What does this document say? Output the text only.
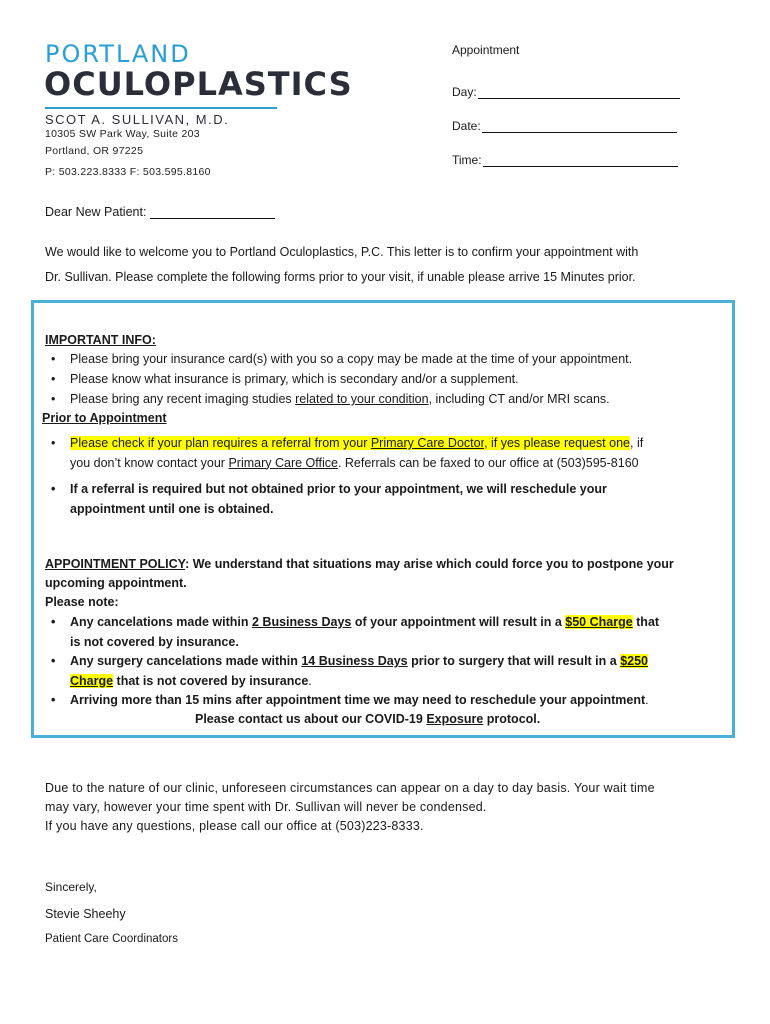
PORTLAND
OCULOPLASTICS
SCOT A. SULLIVAN, M.D.
10305 SW Park Way, Suite 203
Portland, OR 97225
P: 503.223.8333 F: 503.595.8160
Appointment
Day:
Date:
Time:
Dear New Patient:
We would like to welcome you to Portland Oculoplastics, P.C. This letter is to confirm your appointment with
Dr. Sullivan. Please complete the following forms prior to your visit, if unable please arrive 15 Minutes prior.
IMPORTANT INFO:
• Please bring your insurance card(s) with you so a copy may be made at the time of your appointment.
• Please know what insurance is primary, which is secondary and/or a supplement.
• Please bring any recent imaging studies related to your condition, including CT and/or MRI scans.
Prior to Appointment
• Please check if your plan requires a referral from your Primary Care Doctor, if yes please request one, if
you don’t know contact your Primary Care Office. Referrals can be faxed to our office at (503)595-8160
• If a referral is required but not obtained prior to your appointment, we will reschedule your
appointment until one is obtained.
APPOINTMENT POLICY: We understand that situations may arise which could force you to postpone your
upcoming appointment.
Please note:
• Any cancelations made within 2 Business Days of your appointment will result in a $50 Charge that
is not covered by insurance.
• Any surgery cancelations made within 14 Business Days prior to surgery that will result in a $250
Charge that is not covered by insurance.
• Arriving more than 15 mins after appointment time we may need to reschedule your appointment.
Please contact us about our COVID-19 Exposure protocol.
Due to the nature of our clinic, unforeseen circumstances can appear on a day to day basis. Your wait time
may vary, however your time spent with Dr. Sullivan will never be condensed.
If you have any questions, please call our office at (503)223-8333.
Sincerely,
Stevie Sheehy
Patient Care Coordinators
